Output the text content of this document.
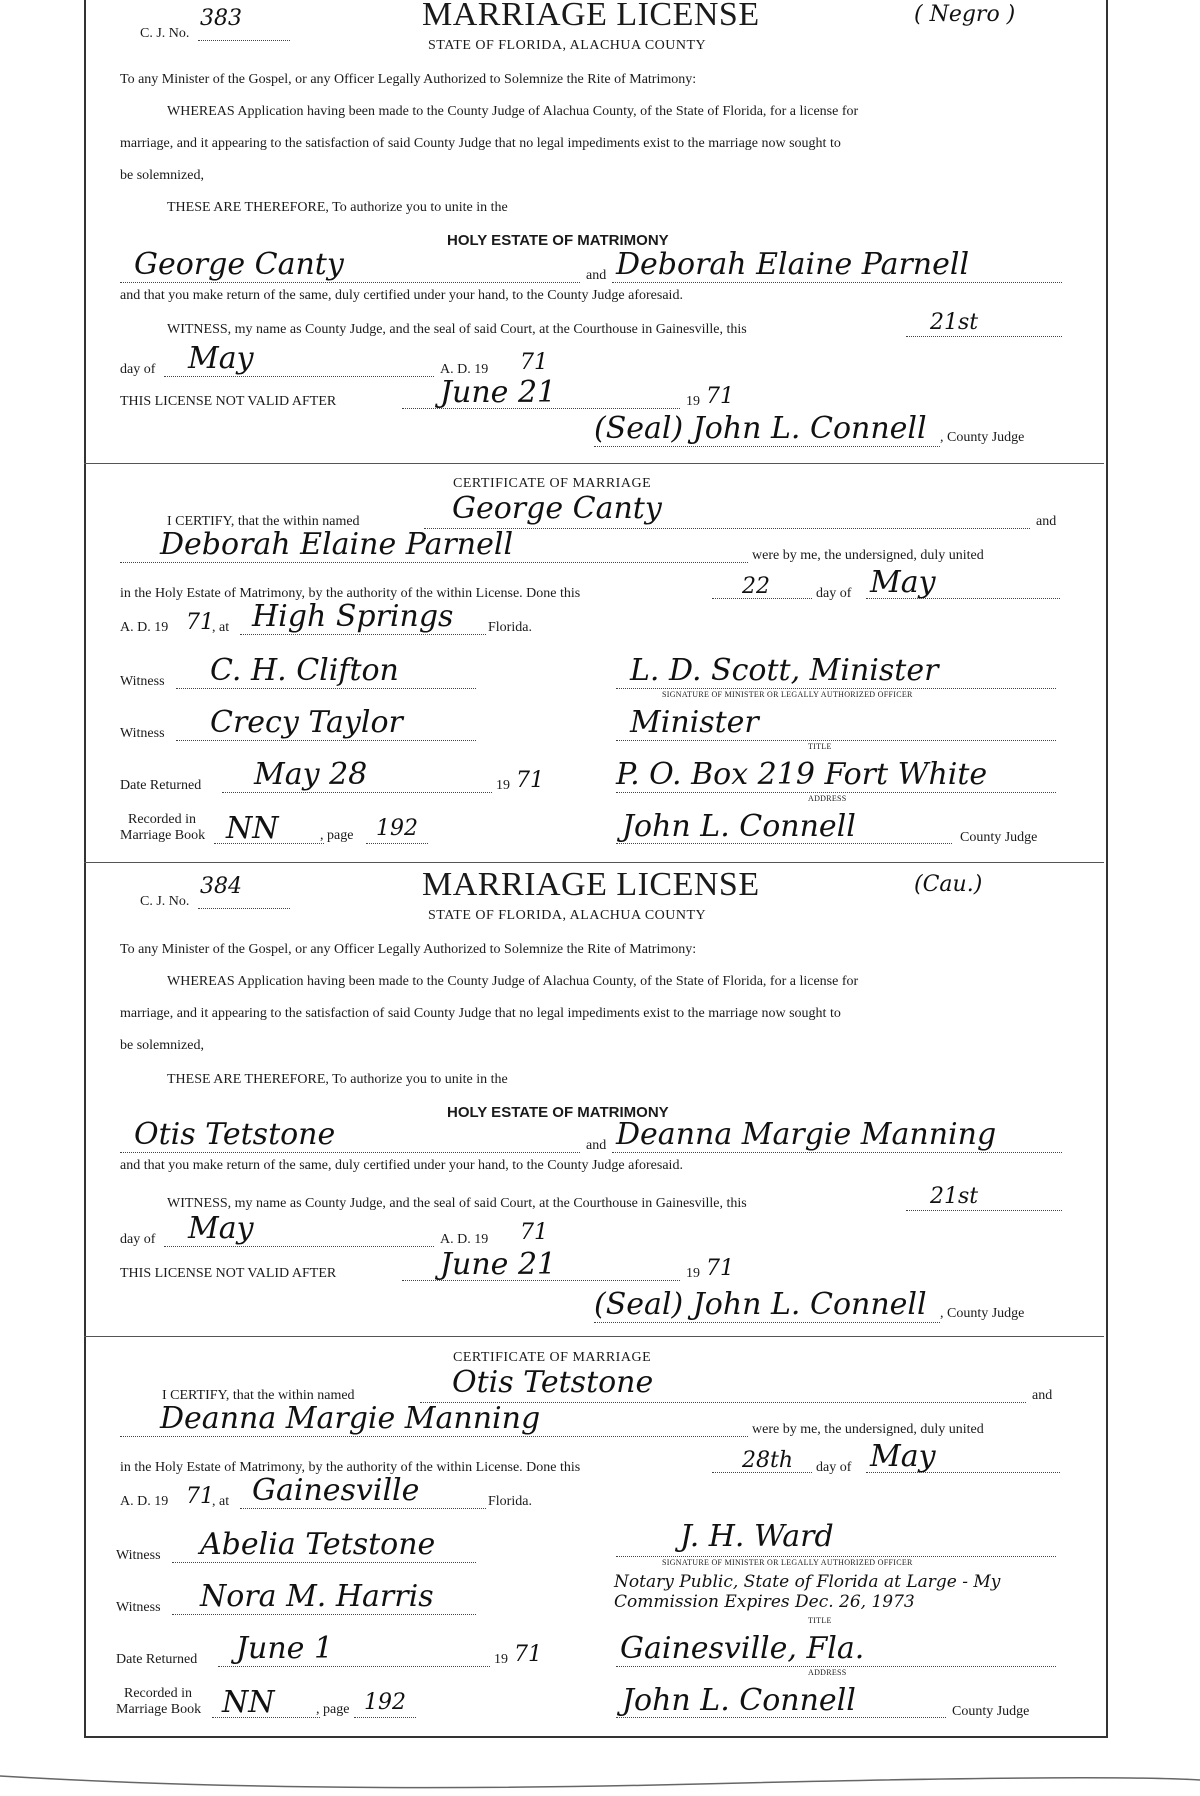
C. J. No.
383	MARRIAGE LICENSE
STATE OF FLORIDA, ALACHUA COUNTY
( Negro )
To any Minister of the Gospel, or any Officer Legally Authorized to Solemnize the Rite of Matrimony:
WHEREAS Application having been made to the County Judge of Alachua County, of the State of Florida, for a license for
marriage, and it appearing to the satisfaction of said County Judge that no legal impediments exist to the marriage now sought to
be solemnized,
THESE ARE THEREFORE, To authorize you to unite in the
HOLY ESTATE OF MATRIMONY
George Canty	and Deborah Elaine Parnell
and that you make return of the same, duly certified under your hand, to the County Judge aforesaid.
WITNESS, my name as County Judge, and the seal of said Court, at the Courthouse in Gainesville, this	21st
day of May	A. D. 19 71
THIS LICENSE NOT VALID AFTER	June 21	19 71
(Seal) John L. Connell , County Judge
CERTIFICATE OF MARRIAGE
I CERTIFY, that the within named	George Canty	and
Deborah Elaine Parnell	were by me, the undersigned, duly united
in the Holy Estate of Matrimony, by the authority of the within License. Done this	22	day of May
A. D. 19 71
, at High Springs Florida.
Witness C. H. Clifton	L. D. Scott, Minister
SIGNATURE OF MINISTER OR LEGALLY AUTHORIZED OFFICER
Witness Crecy Taylor	Minister
TITLE
Date Returned May 28	19 71 P. O. Box 219 Fort White
ADDRESS
Recorded in
Marriage Book NN	, page 192	John L. Connell	County Judge
C. J. No.
384	MARRIAGE LICENSE
STATE OF FLORIDA, ALACHUA COUNTY
(Cau.)
To any Minister of the Gospel, or any Officer Legally Authorized to Solemnize the Rite of Matrimony:
WHEREAS Application having been made to the County Judge of Alachua County, of the State of Florida, for a license for
marriage, and it appearing to the satisfaction of said County Judge that no legal impediments exist to the marriage now sought to
be solemnized,
THESE ARE THEREFORE, To authorize you to unite in the
HOLY ESTATE OF MATRIMONY
Otis Tetstone	and Deanna Margie Manning
and that you make return of the same, duly certified under your hand, to the County Judge aforesaid.
WITNESS, my name as County Judge, and the seal of said Court, at the Courthouse in Gainesville, this	21st
day of May	A. D. 19 71
THIS LICENSE NOT VALID AFTER	June 21	19 71
(Seal) John L. Connell , County Judge
CERTIFICATE OF MARRIAGE
I CERTIFY, that the within named	Otis Tetstone	and
Deanna Margie Manning	were by me, the undersigned, duly united
in the Holy Estate of Matrimony, by the authority of the within License. Done this	28th day of May
A. D. 19 71
, at Gainesville	Florida.
Witness Abelia Tetstone	J. H. Ward
SIGNATURE OF MINISTER OR LEGALLY AUTHORIZED OFFICER
Witness Nora M. Harris	Notary Public, State of Florida at Large - My Commission Expires Dec. 26, 1973
TITLE
Date Returned June 1	19 71	Gainesville, Fla.
ADDRESS
Recorded in
Marriage Book NN	, page 192	John L. Connell	County Judge
